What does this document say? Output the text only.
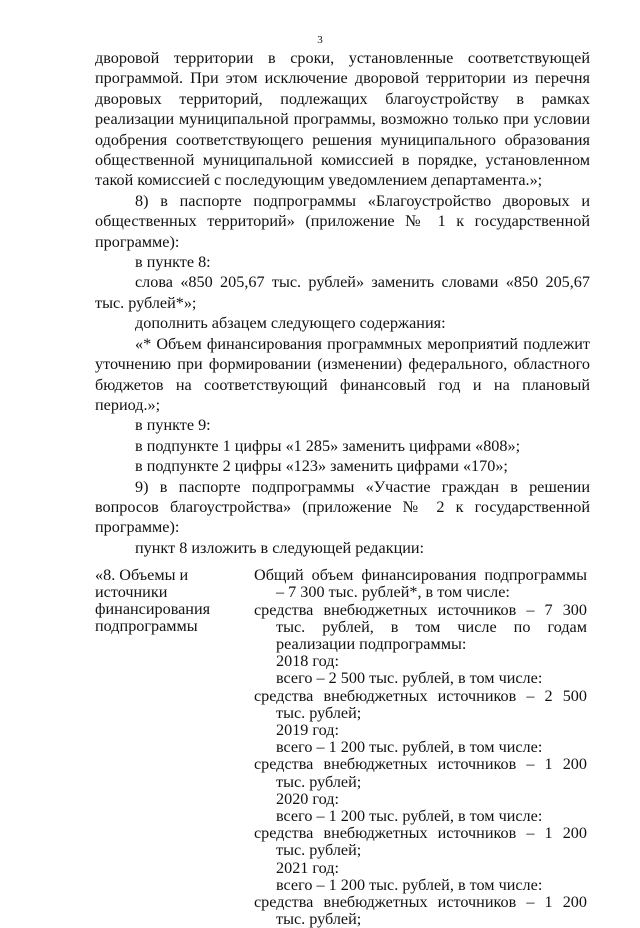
3

дворовой территории в сроки, установленные соответствующей программой. При этом исключение дворовой территории из перечня дворовых территорий, подлежащих благоустройству в рамках реализации муниципальной программы, возможно только при условии одобрения соответствующего решения муниципального образования общественной муниципальной комиссией в порядке, установленном такой комиссией с последующим уведомлением департамента.»;

8) в паспорте подпрограммы «Благоустройство дворовых и общественных территорий» (приложение № 1 к государственной программе):

в пункте 8:

слова «850 205,67 тыс. рублей» заменить словами «850 205,67 тыс. рублей*»;

дополнить абзацем следующего содержания:

«* Объем финансирования программных мероприятий подлежит уточнению при формировании (изменении) федерального, областного бюджетов на соответствующий финансовый год и на плановый период.»;

в пункте 9:

в подпункте 1 цифры «1 285» заменить цифрами «808»;

в подпункте 2 цифры «123» заменить цифрами «170»;

9) в паспорте подпрограммы «Участие граждан в решении вопросов благоустройства» (приложение № 2 к государственной программе):

пункт 8 изложить в следующей редакции:

«8. Объемы и

источники

финансирования

подпрограммы

Общий объем финансирования подпрограммы – 7 300 тыс. рублей*, в том числе:

средства внебюджетных источников – 7 300 тыс. рублей, в том числе по годам реализации подпрограммы:

2018 год:

всего – 2 500 тыс. рублей, в том числе:

средства внебюджетных источников – 2 500 тыс. рублей;

2019 год:

всего – 1 200 тыс. рублей, в том числе:

средства внебюджетных источников – 1 200 тыс. рублей;

2020 год:

всего – 1 200 тыс. рублей, в том числе:

средства внебюджетных источников – 1 200 тыс. рублей;

2021 год:

всего – 1 200 тыс. рублей, в том числе:

средства внебюджетных источников – 1 200 тыс. рублей;
